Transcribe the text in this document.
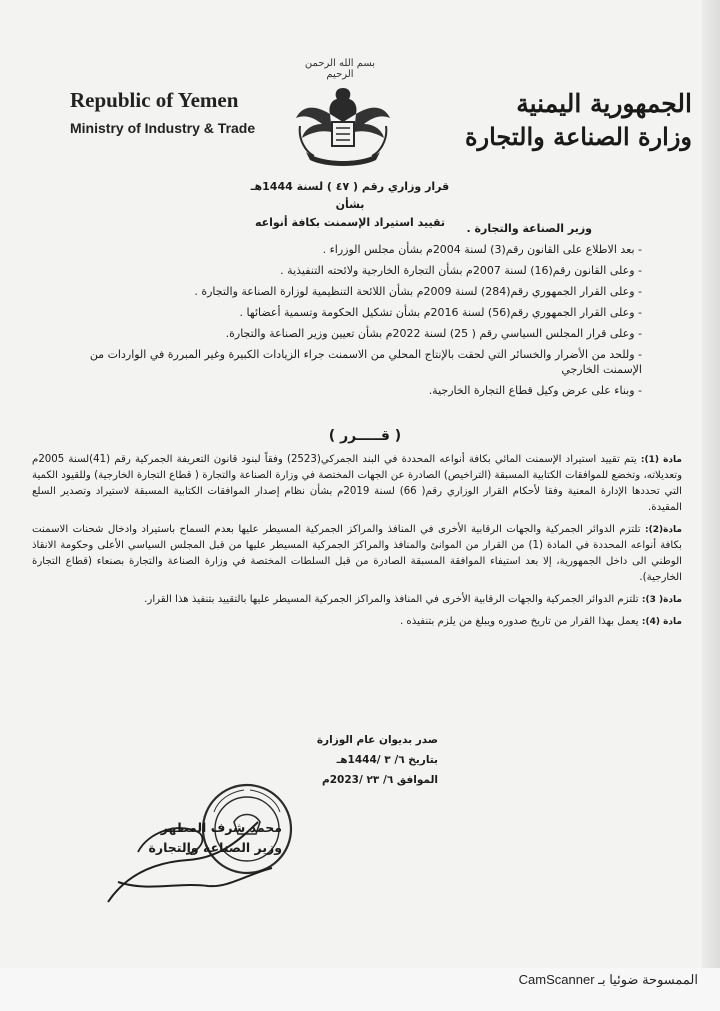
Republic of Yemen
Ministry of Industry & Trade
الجمهورية اليمنية
وزارة الصناعة والتجارة
بسم الله الرحمن الرحيم
قرار وزاري رقم ( ٤٧ ) لسنة 1444هـ بشأن
تقييد استيراد الإسمنت بكافة أنواعه	وزير الصناعة والتجارة .
- بعد الاطلاع على القانون رقم(3) لسنة 2004م بشأن مجلس الوزراء .
- وعلى القانون رقم(16) لسنة 2007م بشأن التجارة الخارجية ولائحته التنفيذية .
- وعلى القرار الجمهوري رقم(284) لسنة 2009م بشأن اللائحة التنظيمية لوزارة الصناعة والتجارة .
- وعلى القرار الجمهوري رقم(56) لسنة 2016م بشأن تشكيل الحكومة وتسمية أعضائها .
- وعلى قرار المجلس السياسي رقم ( 25) لسنة 2022م بشأن تعيين وزير الصناعة والتجارة.
- وللحد من الأضرار والخسائر التي لحقت بالإنتاج المحلي من الاسمنت جراء الزيادات الكبيرة وغير المبررة في الواردات من الإسمنت الخارجي
- وبناء على عرض وكيل قطاع التجارة الخارجية.
( قـــــرر )
مادة (1): يتم تقييد استيراد الإسمنت المائي بكافة أنواعه المحددة في البند الجمركي(2523) وفقاً لبنود قانون التعريفة الجمركية رقم (41)لسنة 2005م وتعديلاته، وتخضع للموافقات الكتابية المسبقة (التراخيص) الصادرة عن الجهات المختصة في وزارة الصناعة والتجارة ( قطاع التجارة الخارجية) وللقيود الكمية التي تحددها الإدارة المعنية وفقا لأحكام القرار الوزاري رقم( 66) لسنة 2019م بشأن نظام إصدار الموافقات الكتابية المسبقة لاستيراد وتصدير السلع المقيدة.
مادة(2): تلتزم الدوائر الجمركية والجهات الرقابية الأخرى في المنافذ والمراكز الجمركية المسيطر عليها بعدم السماح باستيراد وادخال شحنات الاسمنت بكافة أنواعه المحددة في المادة (1) من القرار من الموانئ والمنافذ والمراكز الجمركية المسيطر عليها من قبل المجلس السياسي الأعلى وحكومة الانقاذ الوطني الى داخل الجمهورية، إلا بعد استيفاء الموافقة المسبقة الصادرة من قبل السلطات المختصة في وزارة الصناعة والتجارة بصنعاء (قطاع التجارة الخارجية).
مادة( 3): تلتزم الدوائر الجمركية والجهات الرقابية الأخرى في المنافذ والمراكز الجمركية المسيطر عليها بالتقييد بتنفيذ هذا القرار.
مادة (4): يعمل بهذا القرار من تاريخ صدوره ويبلغ من يلزم بتنفيذه .
صدر بديوان عام الوزارة
بتاريخ ٦/ ٣ /1444هـ
الموافق ٦/ ٢٣ /2023م
محمد شرف المطهر
وزير الصناعة والتجارة
الممسوحة ضوئيا بـ CamScanner
